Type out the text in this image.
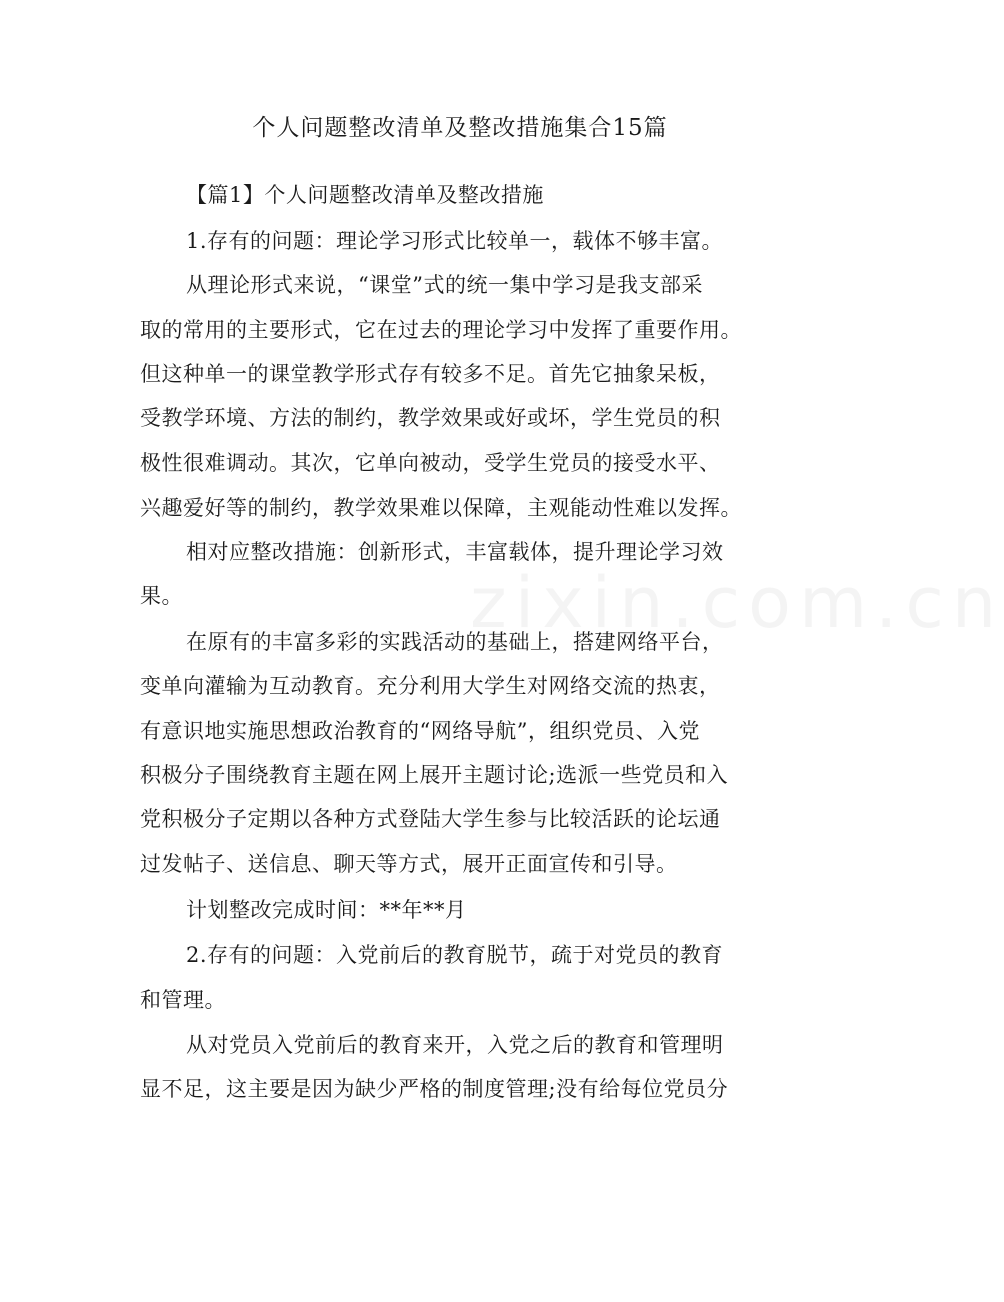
zixin.com.cn
个人问题整改清单及整改措施集合15篇
【篇1】个人问题整改清单及整改措施
1.存有的问题：理论学习形式比较单一，载体不够丰富。
从理论形式来说，“课堂”式的统一集中学习是我支部采
取的常用的主要形式，它在过去的理论学习中发挥了重要作用。
但这种单一的课堂教学形式存有较多不足。首先它抽象呆板，
受教学环境、方法的制约，教学效果或好或坏，学生党员的积
极性很难调动。其次，它单向被动，受学生党员的接受水平、
兴趣爱好等的制约，教学效果难以保障，主观能动性难以发挥。
相对应整改措施：创新形式，丰富载体，提升理论学习效
果。
在原有的丰富多彩的实践活动的基础上，搭建网络平台，
变单向灌输为互动教育。充分利用大学生对网络交流的热衷，
有意识地实施思想政治教育的“网络导航”，组织党员、入党
积极分子围绕教育主题在网上展开主题讨论;选派一些党员和入
党积极分子定期以各种方式登陆大学生参与比较活跃的论坛通
过发帖子、送信息、聊天等方式，展开正面宣传和引导。
计划整改完成时间：**年**月
2.存有的问题：入党前后的教育脱节，疏于对党员的教育
和管理。
从对党员入党前后的教育来开，入党之后的教育和管理明
显不足，这主要是因为缺少严格的制度管理;没有给每位党员分
